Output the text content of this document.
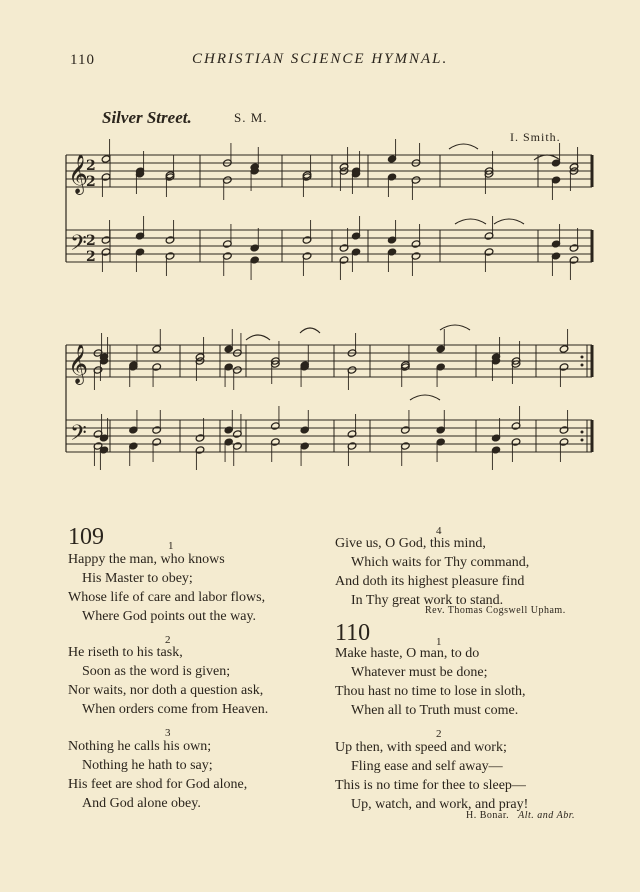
110	CHRISTIAN SCIENCE HYMNAL.
Silver Street.	S. M.
I. Smith.
𝄞
𝄢
2
2
2
2
𝄞
𝄢
109	1
Happy the man, who knows
His Master to obey;
Whose life of care and labor flows,
Where God points out the way.
2
He riseth to his task,
Soon as the word is given;
Nor waits, nor doth a question ask,
When orders come from Heaven.
3
Nothing he calls his own;
Nothing he hath to say;
His feet are shod for God alone,
And God alone obey.
4
Give us, O God, this mind,
Which waits for Thy command,
And doth its highest pleasure find
In Thy great work to stand.
Rev. Thomas Cogswell Upham.
110	1
Make haste, O man, to do
Whatever must be done;
Thou hast no time to lose in sloth,
When all to Truth must come.
2
Up then, with speed and work;
Fling ease and self away—
This is no time for thee to sleep—
Up, watch, and work, and pray!
H. Bonar. Alt. and Abr.
